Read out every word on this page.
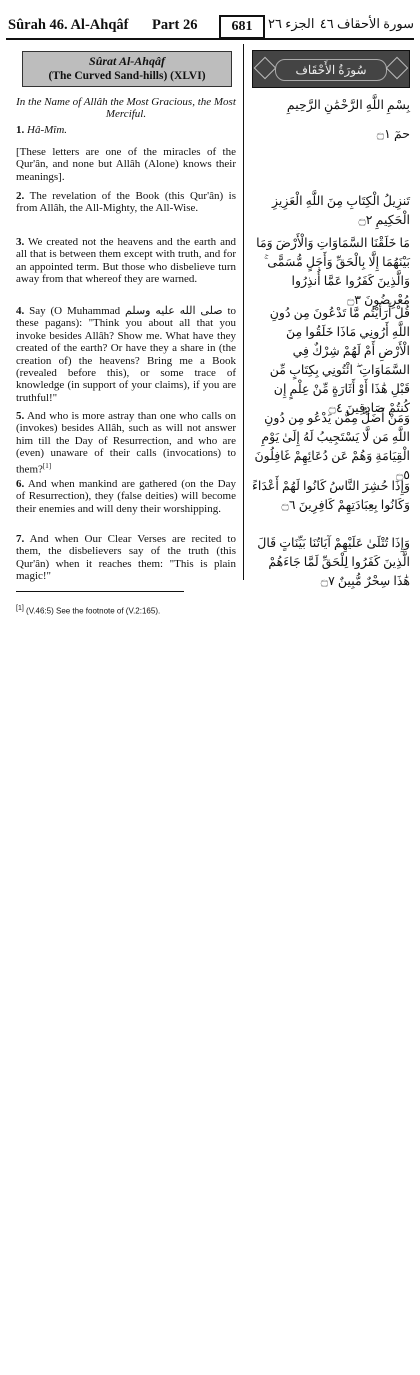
Sûrah 46. Al-Ahqâf Part 26	681	الجزء ٢٦ سورة الأحقاف ٤٦
Sûrat Al-Ahqâf
(The Curved Sand-hills) (XLVI)	سُورَةُ الأَحْقَاف
In the Name of Allâh the Most Gracious, the Most Merciful.
بِسْمِ اللَّهِ الرَّحْمَٰنِ الرَّحِيمِ
1. Hâ-Mîm.	حمٓ ۝١
[These letters are one of the miracles of the Qur'ân, and none but Allâh (Alone) knows their meanings].
2. The revelation of the Book (this Qur'ân) is from Allâh, the All-Mighty, the All-Wise.
تَنزِيلُ الْكِتَابِ مِنَ اللَّهِ الْعَزِيزِ الْحَكِيمِ ۝٢
3. We created not the heavens and the earth and all that is between them except with truth, and for an appointed term. But those who disbelieve turn away from that whereof they are warned.
مَا خَلَقْنَا السَّمَاوَاتِ وَالْأَرْضَ وَمَا بَيْنَهُمَا إِلَّا بِالْحَقِّ وَأَجَلٍ مُّسَمًّى ۚ وَالَّذِينَ كَفَرُوا عَمَّا أُنذِرُوا مُعْرِضُونَ ۝٣
4. Say (O Muhammad صلى الله عليه وسلم to these pagans): "Think you about all that you invoke besides Allâh? Show me. What have they created of the earth? Or have they a share in (the creation of) the heavens? Bring me a Book (revealed before this), or some trace of knowledge (in support of your claims), if you are truthful!"
قُلْ أَرَأَيْتُم مَّا تَدْعُونَ مِن دُونِ اللَّهِ أَرُونِي مَاذَا خَلَقُوا مِنَ الْأَرْضِ أَمْ لَهُمْ شِرْكٌ فِي السَّمَاوَاتِ ۖ ائْتُونِي بِكِتَابٍ مِّن قَبْلِ هَٰذَا أَوْ أَثَارَةٍ مِّنْ عِلْمٍ إِن كُنتُمْ صَادِقِينَ ۝٤
5. And who is more astray than one who calls on (invokes) besides Allâh, such as will not answer him till the Day of Resurrection, and who are (even) unaware of their calls (invocations) to them?[1]
وَمَنْ أَضَلُّ مِمَّن يَدْعُو مِن دُونِ اللَّهِ مَن لَّا يَسْتَجِيبُ لَهُ إِلَىٰ يَوْمِ الْقِيَامَةِ وَهُمْ عَن دُعَائِهِمْ غَافِلُونَ ۝٥
6. And when mankind are gathered (on the Day of Resurrection), they (false deities) will become their enemies and will deny their worshipping.
وَإِذَا حُشِرَ النَّاسُ كَانُوا لَهُمْ أَعْدَاءً وَكَانُوا بِعِبَادَتِهِمْ كَافِرِينَ ۝٦
7. And when Our Clear Verses are recited to them, the disbelievers say of the truth (this Qur'ân) when it reaches them: "This is plain magic!"
وَإِذَا تُتْلَىٰ عَلَيْهِمْ آيَاتُنَا بَيِّنَاتٍ قَالَ الَّذِينَ كَفَرُوا لِلْحَقِّ لَمَّا جَاءَهُمْ هَٰذَا سِحْرٌ مُّبِينٌ ۝٧
[1] (V.46:5) See the footnote of (V.2:165).
